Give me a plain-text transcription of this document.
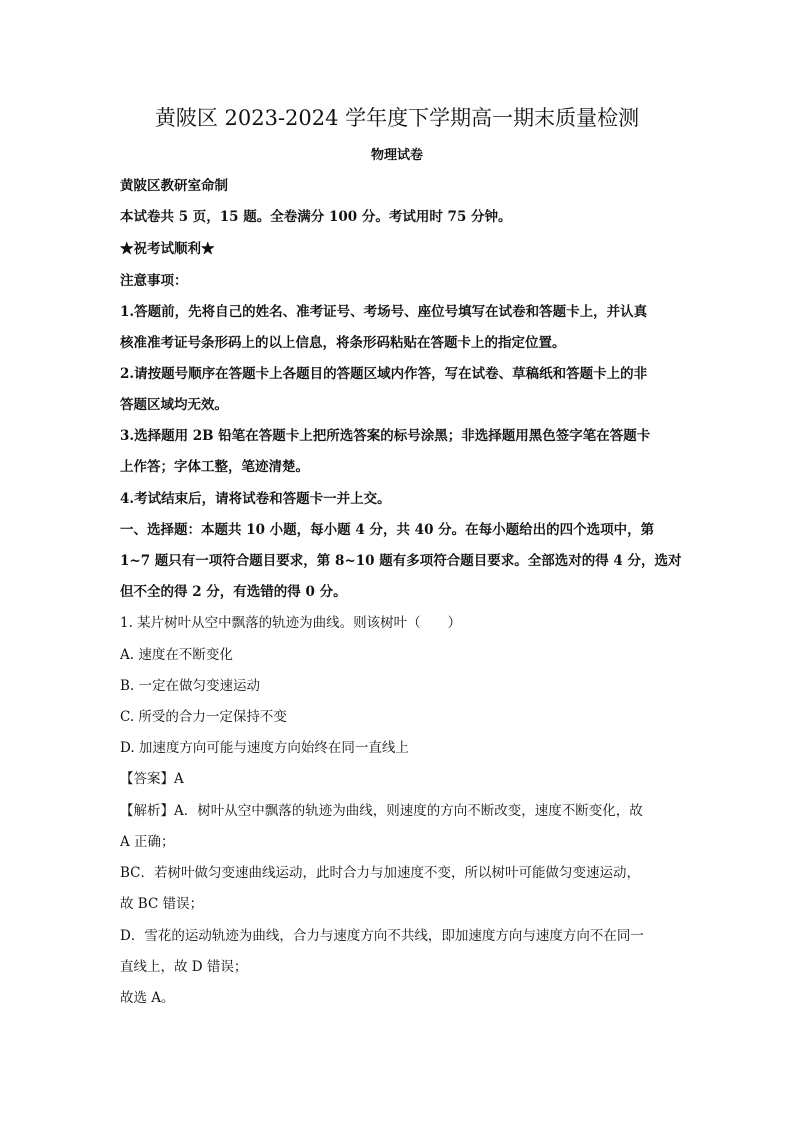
黄陂区 2023-2024 学年度下学期高一期末质量检测
物理试卷
黄陂区教研室命制
本试卷共 5 页，15 题。全卷满分 100 分。考试用时 75 分钟。
★祝考试顺利★
注意事项：
1.答题前，先将自己的姓名、准考证号、考场号、座位号填写在试卷和答题卡上，并认真
核准准考证号条形码上的以上信息，将条形码粘贴在答题卡上的指定位置。
2.请按题号顺序在答题卡上各题目的答题区域内作答，写在试卷、草稿纸和答题卡上的非
答题区域均无效。
3.选择题用 2B 铅笔在答题卡上把所选答案的标号涂黑；非选择题用黑色签字笔在答题卡
上作答；字体工整，笔迹清楚。
4.考试结束后，请将试卷和答题卡一并上交。
一、选择题：本题共 10 小题，每小题 4 分，共 40 分。在每小题给出的四个选项中，第
1~7 题只有一项符合题目要求，第 8~10 题有多项符合题目要求。全部选对的得 4 分，选对
但不全的得 2 分，有选错的得 0 分。
1. 某片树叶从空中飘落的轨迹为曲线。则该树叶（　　）
A. 速度在不断变化
B. 一定在做匀变速运动
C. 所受的合力一定保持不变
D. 加速度方向可能与速度方向始终在同一直线上
【答案】A
【解析】A．树叶从空中飘落的轨迹为曲线，则速度的方向不断改变，速度不断变化，故
A 正确；
BC．若树叶做匀变速曲线运动，此时合力与加速度不变，所以树叶可能做匀变速运动，
故 BC 错误；
D．雪花的运动轨迹为曲线，合力与速度方向不共线，即加速度方向与速度方向不在同一
直线上，故 D 错误；
故选 A。
